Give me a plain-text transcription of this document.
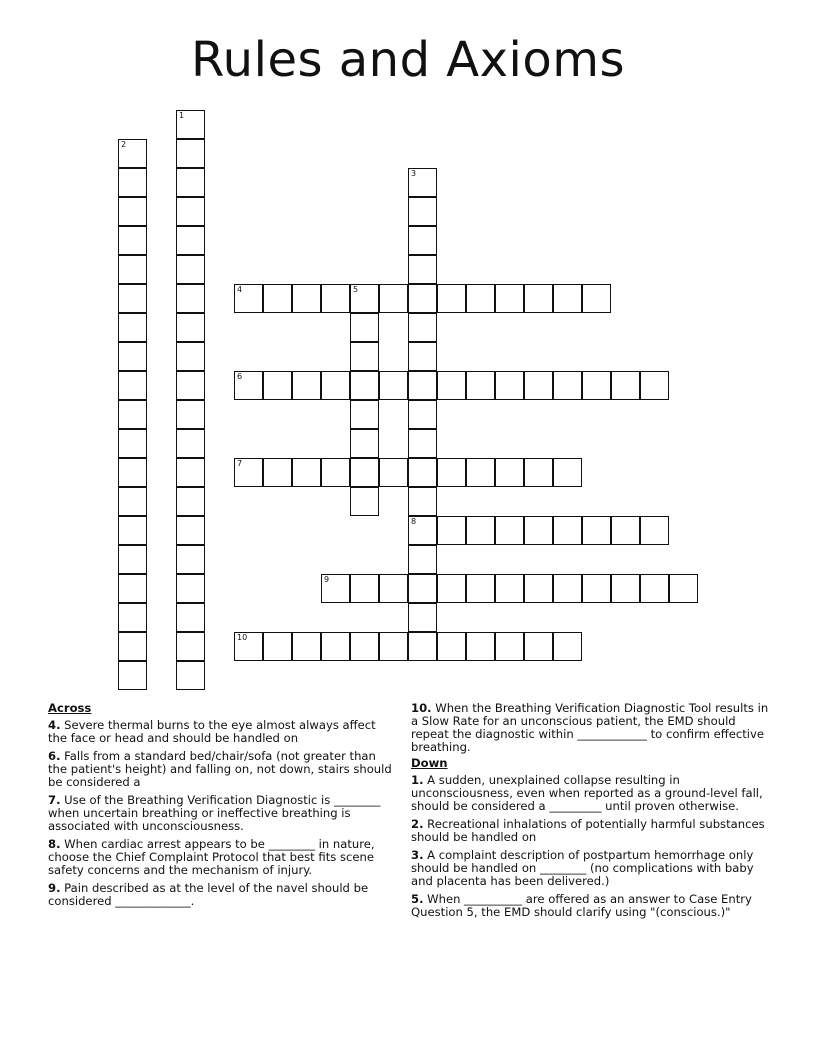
Rules and Axioms
1
2
3
8
4	5
6
7
9
10
Across
4. Severe thermal burns to the eye almost always affect the face or head and should be handled on
6. Falls from a standard bed/chair/sofa (not greater than the patient's height) and falling on, not down, stairs should be considered a
7. Use of the Breathing Verification Diagnostic is ________ when uncertain breathing or ineffective breathing is associated with unconsciousness.
8. When cardiac arrest appears to be ________ in nature, choose the Chief Complaint Protocol that best fits scene safety concerns and the mechanism of injury.
9. Pain described as at the level of the navel should be considered _____________.
10. When the Breathing Verification Diagnostic Tool results in a Slow Rate for an unconscious patient, the EMD should repeat the diagnostic within ____________ to confirm effective breathing.
Down
1. A sudden, unexplained collapse resulting in unconsciousness, even when reported as a ground-level fall, should be considered a _________ until proven otherwise.
2. Recreational inhalations of potentially harmful substances should be handled on
3. A complaint description of postpartum hemorrhage only should be handled on ________ (no complications with baby and placenta has been delivered.)
5. When __________ are offered as an answer to Case Entry Question 5, the EMD should clarify using "(conscious.)"
